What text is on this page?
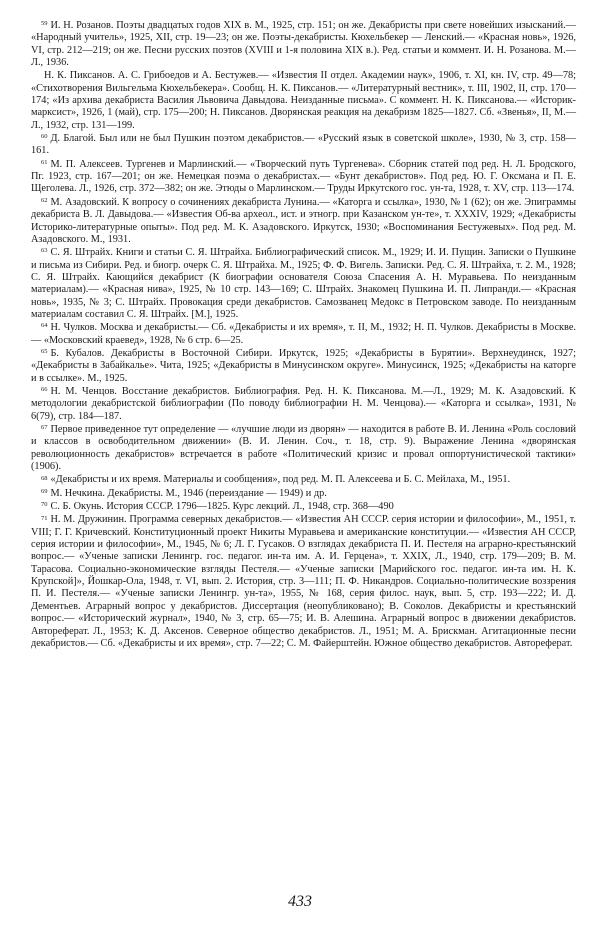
$^{59}$ И. Н. Розанов. Поэты двадцатых годов XIX в. М., 1925, стр. 151; он же. Декабристы при свете новейших изысканий.— «Народный учитель», 1925, XII, стр. 19—23; он же. Поэты-декабристы. Кюхельбекер — Ленский.— «Красная новь», 1926, VI, стр. 212—219; он же. Песни русских поэтов (XVIII и 1-я половина XIX в.). Ред. статьи и коммент. И. Н. Розанова. М.—Л., 1936.

Н. К. Пиксанов. А. С. Грибоедов и А. Бестужев.— «Известия II отдел. Академии наук», 1906, т. XI, кн. IV, стр. 49—78; «Стихотворения Вильгельма Кюхельбекера». Сообщ. Н. К. Пиксанов.— «Литературный вестник», т. III, 1902, II, стр. 170—174; «Из архива декабриста Василия Львовича Давыдова. Неизданные письма». С коммент. Н. К. Пиксанова.— «Историк-марксист», 1926, 1 (май), стр. 175—200; Н. Пиксанов. Дворянская реакция на декабризм 1825—1827. Сб. «Звенья», II, М.—Л., 1932, стр. 131—199.

$^{60}$ Д. Благой. Был или не был Пушкин поэтом декабристов.— «Русский язык в советской школе», 1930, № 3, стр. 158—161.

$^{61}$ М. П. Алексеев. Тургенев и Марлинский.— «Творческий путь Тургенева». Сборник статей под ред. Н. Л. Бродского, Пг. 1923, стр. 167—201; он же. Немецкая поэма о декабристах.— «Бунт декабристов». Под ред. Ю. Г. Оксмана и П. Е. Щеголева. Л., 1926, стр. 372—382; он же. Этюды о Марлинском.— Труды Иркутского гос. ун-та, 1928, т. XV, стр. 113—174.

$^{62}$ М. Азадовский. К вопросу о сочинениях декабриста Лунина.— «Каторга и ссылка», 1930, № 1 (62); он же. Эпиграммы декабриста В. Л. Давыдова.— «Известия Об-ва археол., ист. и этногр. при Казанском ун-те», т. XXXIV, 1929; «Декабристы Историко-литературные опыты». Под ред. М. К. Азадовского. Иркутск, 1930; «Воспоминания Бестужевых». Под ред. М. Азадовского. М., 1931.

$^{63}$ С. Я. Штрайх. Книги и статьи С. Я. Штрайха. Библиографический список. М., 1929; И. И. Пущин. Записки о Пушкине и письма из Сибири. Ред. и биогр. очерк С. Я. Штрайха. М., 1925; Ф. Ф. Вигель. Записки. Ред. С. Я. Штрайха, т. 2. М., 1928; С. Я. Штрайх. Кающийся декабрист (К биографии основателя Союза Спасения А. Н. Муравьева. По неизданным материалам).— «Красная нива», 1925, № 10 стр. 143—169; С. Штрайх. Знакомец Пушкина И. П. Липранди.— «Красная новь», 1935, № 3; С. Штрайх. Провокация среди декабристов. Самозванец Медокс в Петровском заводе. По неизданным материалам составил С. Я. Штрайх. [М.], 1925.

$^{64}$ Н. Чулков. Москва и декабристы.— Сб. «Декабристы и их время», т. II, М., 1932; Н. П. Чулков. Декабристы в Москве.— «Московский краевед», 1928, № 6 стр. 6—25.

$^{65}$ Б. Кубалов. Декабристы в Восточной Сибири. Иркутск, 1925; «Декабристы в Бурятии». Верхнеудинск, 1927; «Декабристы в Забайкалье». Чита, 1925; «Декабристы в Минусинском округе». Минусинск, 1925; «Декабристы на каторге и в ссылке». М., 1925.

$^{66}$ Н. М. Ченцов. Восстание декабристов. Библиография. Ред. Н. К. Пиксанова. М.—Л., 1929; М. К. Азадовский. К методологии декабристской библиографии (По поводу библиографии Н. М. Ченцова).— «Каторга и ссылка», 1931, № 6(79), стр. 184—187.

$^{67}$ Первое приведенное тут определение — «лучшие люди из дворян» — находится в работе В. И. Ленина «Роль сословий и классов в освободительном движении» (В. И. Ленин. Соч., т. 18, стр. 9). Выражение Ленина «дворянская революционность декабристов» встречается в работе «Политический кризис и провал оппортунистической тактики» (1906).

$^{68}$ «Декабристы и их время. Материалы и сообщения», под ред. М. П. Алексеева и Б. С. Мейлаха, М., 1951.

$^{69}$ М. Нечкина. Декабристы. М., 1946 (переиздание — 1949) и др.

$^{70}$ С. Б. Окунь. История СССР. 1796—1825. Курс лекций. Л., 1948, стр. 368—490

$^{71}$ Н. М. Дружинин. Программа северных декабристов.— «Известия АН СССР. серия истории и философии», М., 1951, т. VIII; Г. Г. Кричевский. Конституционный проект Никиты Муравьева и американские конституции.— «Известия АН СССР, серия истории и философии», М., 1945, № 6; Л. Г. Гусаков. О взглядах декабриста П. И. Пестеля на аграрно-крестьянский вопрос.— «Ученые записки Ленингр. гос. педагог. ин-та им. А. И. Герцена», т. XXIX, Л., 1940, стр. 179—209; В. М. Тарасова. Социально-экономические взгляды Пестеля.— «Ученые записки [Марийского гос. педагог. ин-та им. Н. К. Крупской]», Йошкар-Ола, 1948, т. VI, вып. 2. История, стр. 3—111; П. Ф. Никандров. Социально-политические воззрения П. И. Пестеля.— «Ученые записки Ленингр. ун-та», 1955, № 168, серия филос. наук, вып. 5, стр. 193—222; И. Д. Дементьев. Аграрный вопрос у декабристов. Диссертация (неопубликовано); В. Соколов. Декабристы и крестьянский вопрос.— «Исторический журнал», 1940, № 3, стр. 65—75; И. В. Алешина. Аграрный вопрос в движении декабристов. Автореферат. Л., 1953; К. Д. Аксенов. Северное общество декабристов. Л., 1951; М. А. Брискман. Агитационные песни декабристов.— Сб. «Декабристы и их время», стр. 7—22; С. М. Файерштейн. Южное общество декабристов. Автореферат.

433
